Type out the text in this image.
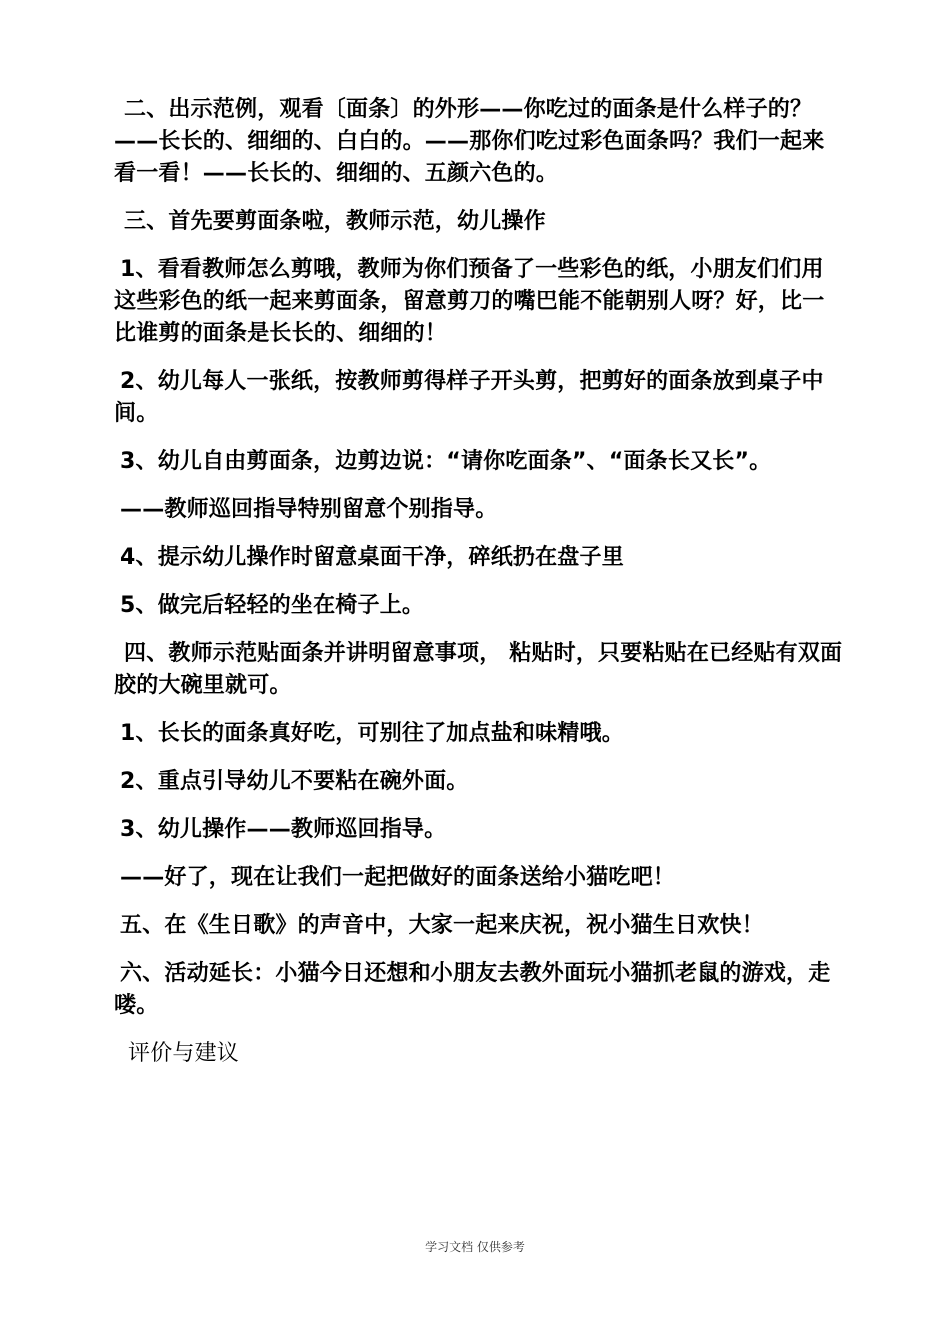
二、出示范例，观看〔面条〕的外形——你吃过的面条是什么样子的？——长长的、细细的、白白的。——那你们吃过彩色面条吗？我们一起来看一看！——长长的、细细的、五颜六色的。

三、首先要剪面条啦，教师示范，幼儿操作

1、看看教师怎么剪哦，教师为你们预备了一些彩色的纸，小朋友们们用这些彩色的纸一起来剪面条，留意剪刀的嘴巴能不能朝别人呀？好，比一比谁剪的面条是长长的、细细的！

2、幼儿每人一张纸，按教师剪得样子开头剪，把剪好的面条放到桌子中间。

3、幼儿自由剪面条，边剪边说：“请你吃面条”、“面条长又长”。

——教师巡回指导特别留意个别指导。

4、提示幼儿操作时留意桌面干净，碎纸扔在盘子里

5、做完后轻轻的坐在椅子上。

四、教师示范贴面条并讲明留意事项， 粘贴时，只要粘贴在已经贴有双面胶的大碗里就可。

1、长长的面条真好吃，可别往了加点盐和味精哦。

2、重点引导幼儿不要粘在碗外面。

3、幼儿操作——教师巡回指导。

——好了，现在让我们一起把做好的面条送给小猫吃吧！

五、在《生日歌》的声音中，大家一起来庆祝，祝小猫生日欢快！

六、活动延长：小猫今日还想和小朋友去教外面玩小猫抓老鼠的游戏，走喽。

评价与建议

学习文档 仅供参考
